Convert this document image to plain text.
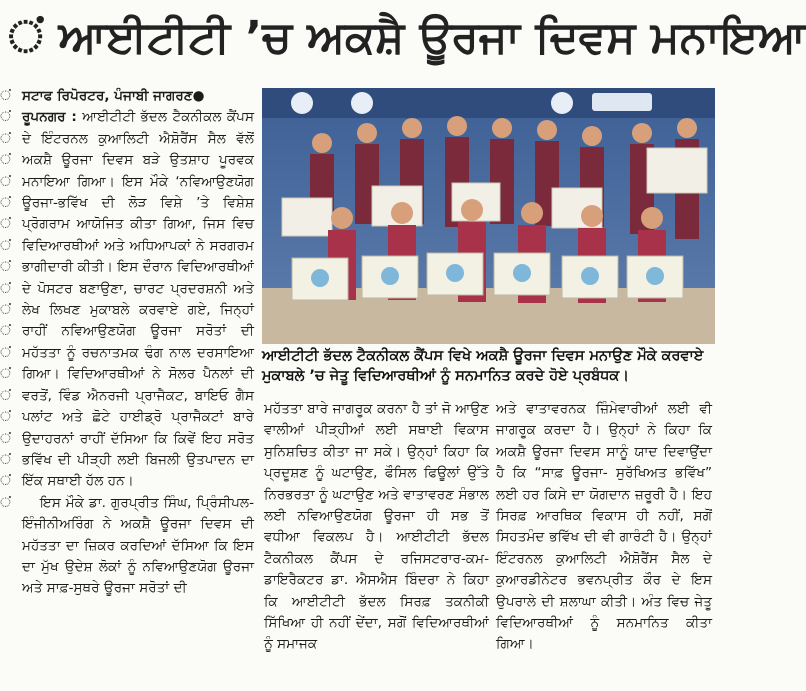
ਂ ਆਈਟੀਟੀ ’ਚ ਅਕਸ਼ੈ ਊਰਜਾ ਦਿਵਸ ਮਨਾਇਆ
ਂ
ਂ
ਂ
ਂ
ਂ
ਂ
ਂ
ਂ
ਂ
ਂ
ਂ
ਂ
ਂ
ਂ
ਂ
ਂ
ਂ
ਂ
ਂ
ਂ

ਸਟਾਫ ਰਿਪੋਰਟਰ, ਪੰਜਾਬੀ ਜਾਗਰਣ●

ਰੂਪਨਗਰ : ਆਈਟੀਟੀ ਭੱਦਲ ਟੈਕਨੀਕਲ ਕੈਂਪਸ ਦੇ ਇੰਟਰਨਲ ਕੁਆਲਿਟੀ ਐਸ਼ੋਰੈਂਸ ਸੈਲ ਵੱਲੋਂ ਅਕਸ਼ੈ ਊਰਜਾ ਦਿਵਸ ਬੜੇ ਉਤਸ਼ਾਹ ਪੂਰਵਕ ਮਨਾਇਆ ਗਿਆ। ਇਸ ਮੌਕੇ ‘ਨਵਿਆਉਣਯੋਗ ਊਰਜਾ-ਭਵਿੱਖ ਦੀ ਲੋੜ ਵਿਸ਼ੇ ’ਤੇ ਵਿਸ਼ੇਸ਼ ਪ੍ਰੋਗਰਾਮ ਆਯੋਜਿਤ ਕੀਤਾ ਗਿਆ, ਜਿਸ ਵਿਚ ਵਿਦਿਆਰਥੀਆਂ ਅਤੇ ਅਧਿਆਪਕਾਂ ਨੇ ਸਰਗਰਮ ਭਾਗੀਦਾਰੀ ਕੀਤੀ। ਇਸ ਦੌਰਾਨ ਵਿਦਿਆਰਥੀਆਂ ਦੇ ਪੋਸਟਰ ਬਣਾਉਣਾ, ਚਾਰਟ ਪ੍ਰਦਰਸ਼ਨੀ ਅਤੇ ਲੇਖ ਲਿਖਣ ਮੁਕਾਬਲੇ ਕਰਵਾਏ ਗਏ, ਜਿਨ੍ਹਾਂ ਰਾਹੀਂ ਨਵਿਆਉਣਯੋਗ ਊਰਜਾ ਸਰੋਤਾਂ ਦੀ ਮਹੱਤਤਾ ਨੂੰ ਰਚਨਾਤਮਕ ਢੰਗ ਨਾਲ ਦਰਸਾਇਆ ਗਿਆ। ਵਿਦਿਆਰਥੀਆਂ ਨੇ ਸੋਲਰ ਪੈਨਲਾਂ ਦੀ ਵਰਤੋਂ, ਵਿੰਡ ਐਨਰਜੀ ਪ੍ਰਾਜੈਕਟ, ਬਾਇਓ ਗੈਸ ਪਲਾਂਟ ਅਤੇ ਛੋਟੇ ਹਾਈਡ੍ਰੋ ਪ੍ਰਾਜੈਕਟਾਂ ਬਾਰੇ ਉਦਾਹਰਨਾਂ ਰਾਹੀਂ ਦੱਸਿਆ ਕਿ ਕਿਵੇਂ ਇਹ ਸਰੋਤ ਭਵਿੱਖ ਦੀ ਪੀੜ੍ਹੀ ਲਈ ਬਿਜਲੀ ਉਤਪਾਦਨ ਦਾ ਇੱਕ ਸਥਾਈ ਹੱਲ ਹਨ।

ਇਸ ਮੌਕੇ ਡਾ. ਗੁਰਪ੍ਰੀਤ ਸਿੰਘ, ਪ੍ਰਿੰਸੀਪਲ-ਇੰਜੀਨੀਅਰਿੰਗ ਨੇ ਅਕਸ਼ੈ ਊਰਜਾ ਦਿਵਸ ਦੀ ਮਹੱਤਤਾ ਦਾ ਜ਼ਿਕਰ ਕਰਦਿਆਂ ਦੱਸਿਆ ਕਿ ਇਸ ਦਾ ਮੁੱਖ ਉਦੇਸ਼ ਲੋਕਾਂ ਨੂੰ ਨਵਿਆਉਣਯੋਗ ਊਰਜਾ ਅਤੇ ਸਾਫ਼-ਸੁਥਰੇ ਊਰਜਾ ਸਰੋਤਾਂ ਦੀ

ਆਈਟੀਟੀ ਭੱਦਲ ਟੈਕਨੀਕਲ ਕੈਂਪਸ ਵਿਖੇ ਅਕਸ਼ੈ ਊਰਜਾ ਦਿਵਸ ਮਨਾਉਣ ਮੌਕੇ ਕਰਵਾਏ ਮੁਕਾਬਲੇ ’ਚ ਜੇਤੂ ਵਿਦਿਆਰਥੀਆਂ ਨੂੰ ਸਨਮਾਨਿਤ ਕਰਦੇ ਹੋਏ ਪ੍ਰਬੰਧਕ।

ਮਹੱਤਤਾ ਬਾਰੇ ਜਾਗਰੂਕ ਕਰਨਾ ਹੈ ਤਾਂ ਜੋ ਆਉਣ ਵਾਲੀਆਂ ਪੀੜ੍ਹੀਆਂ ਲਈ ਸਥਾਈ ਵਿਕਾਸ ਸੁਨਿਸ਼ਚਿਤ ਕੀਤਾ ਜਾ ਸਕੇ। ਉਨ੍ਹਾਂ ਕਿਹਾ ਕਿ ਪ੍ਰਦੂਸ਼ਣ ਨੂੰ ਘਟਾਉਣ, ਫੌਸਿਲ ਫਿਊਲਾਂ ਉੱਤੇ ਨਿਰਭਰਤਾ ਨੂੰ ਘਟਾਉਣ ਅਤੇ ਵਾਤਾਵਰਣ ਸੰਭਾਲ ਲਈ ਨਵਿਆਉਣਯੋਗ ਊਰਜਾ ਹੀ ਸਭ ਤੋਂ ਵਧੀਆ ਵਿਕਲਪ ਹੈ। ਆਈਟੀਟੀ ਭੱਦਲ ਟੈਕਨੀਕਲ ਕੈਂਪਸ ਦੇ ਰਜਿਸਟਰਾਰ-ਕਮ-ਡਾਇਰੈਕਟਰ ਡਾ. ਐਸਐਸ ਬਿੰਦਰਾ ਨੇ ਕਿਹਾ ਕਿ ਆਈਟੀਟੀ ਭੱਦਲ ਸਿਰਫ਼ ਤਕਨੀਕੀ ਸਿੱਖਿਆ ਹੀ ਨਹੀਂ ਦੇਂਦਾ, ਸਗੋਂ ਵਿਦਿਆਰਥੀਆਂ ਨੂੰ ਸਮਾਜਕ

ਅਤੇ ਵਾਤਾਵਰਨਕ ਜ਼ਿੰਮੇਵਾਰੀਆਂ ਲਈ ਵੀ ਜਾਗਰੂਕ ਕਰਦਾ ਹੈ। ਉਨ੍ਹਾਂ ਨੇ ਕਿਹਾ ਕਿ ਅਕਸ਼ੈ ਊਰਜਾ ਦਿਵਸ ਸਾਨੂੰ ਯਾਦ ਦਿਵਾਉਂਦਾ ਹੈ ਕਿ “ਸਾਫ਼ ਊਰਜਾ- ਸੁਰੱਖਿਅਤ ਭਵਿੱਖ” ਲਈ ਹਰ ਕਿਸੇ ਦਾ ਯੋਗਦਾਨ ਜ਼ਰੂਰੀ ਹੈ। ਇਹ ਸਿਰਫ਼ ਆਰਥਿਕ ਵਿਕਾਸ ਹੀ ਨਹੀਂ, ਸਗੋਂ ਸਿਹਤਮੰਦ ਭਵਿੱਖ ਦੀ ਵੀ ਗਾਰੰਟੀ ਹੈ। ਉਨ੍ਹਾਂ ਇੰਟਰਨਲ ਕੁਆਲਿਟੀ ਐਸ਼ੋਰੈਂਸ ਸੈਲ ਦੇ ਕੁਆਰਡੀਨੇਟਰ ਭਵਨਪ੍ਰੀਤ ਕੌਰ ਦੇ ਇਸ ਉਪਰਾਲੇ ਦੀ ਸ਼ਲਾਘਾ ਕੀਤੀ। ਅੰਤ ਵਿਚ ਜੇਤੂ ਵਿਦਿਆਰਥੀਆਂ ਨੂੰ ਸਨਮਾਨਿਤ ਕੀਤਾ ਗਿਆ।
